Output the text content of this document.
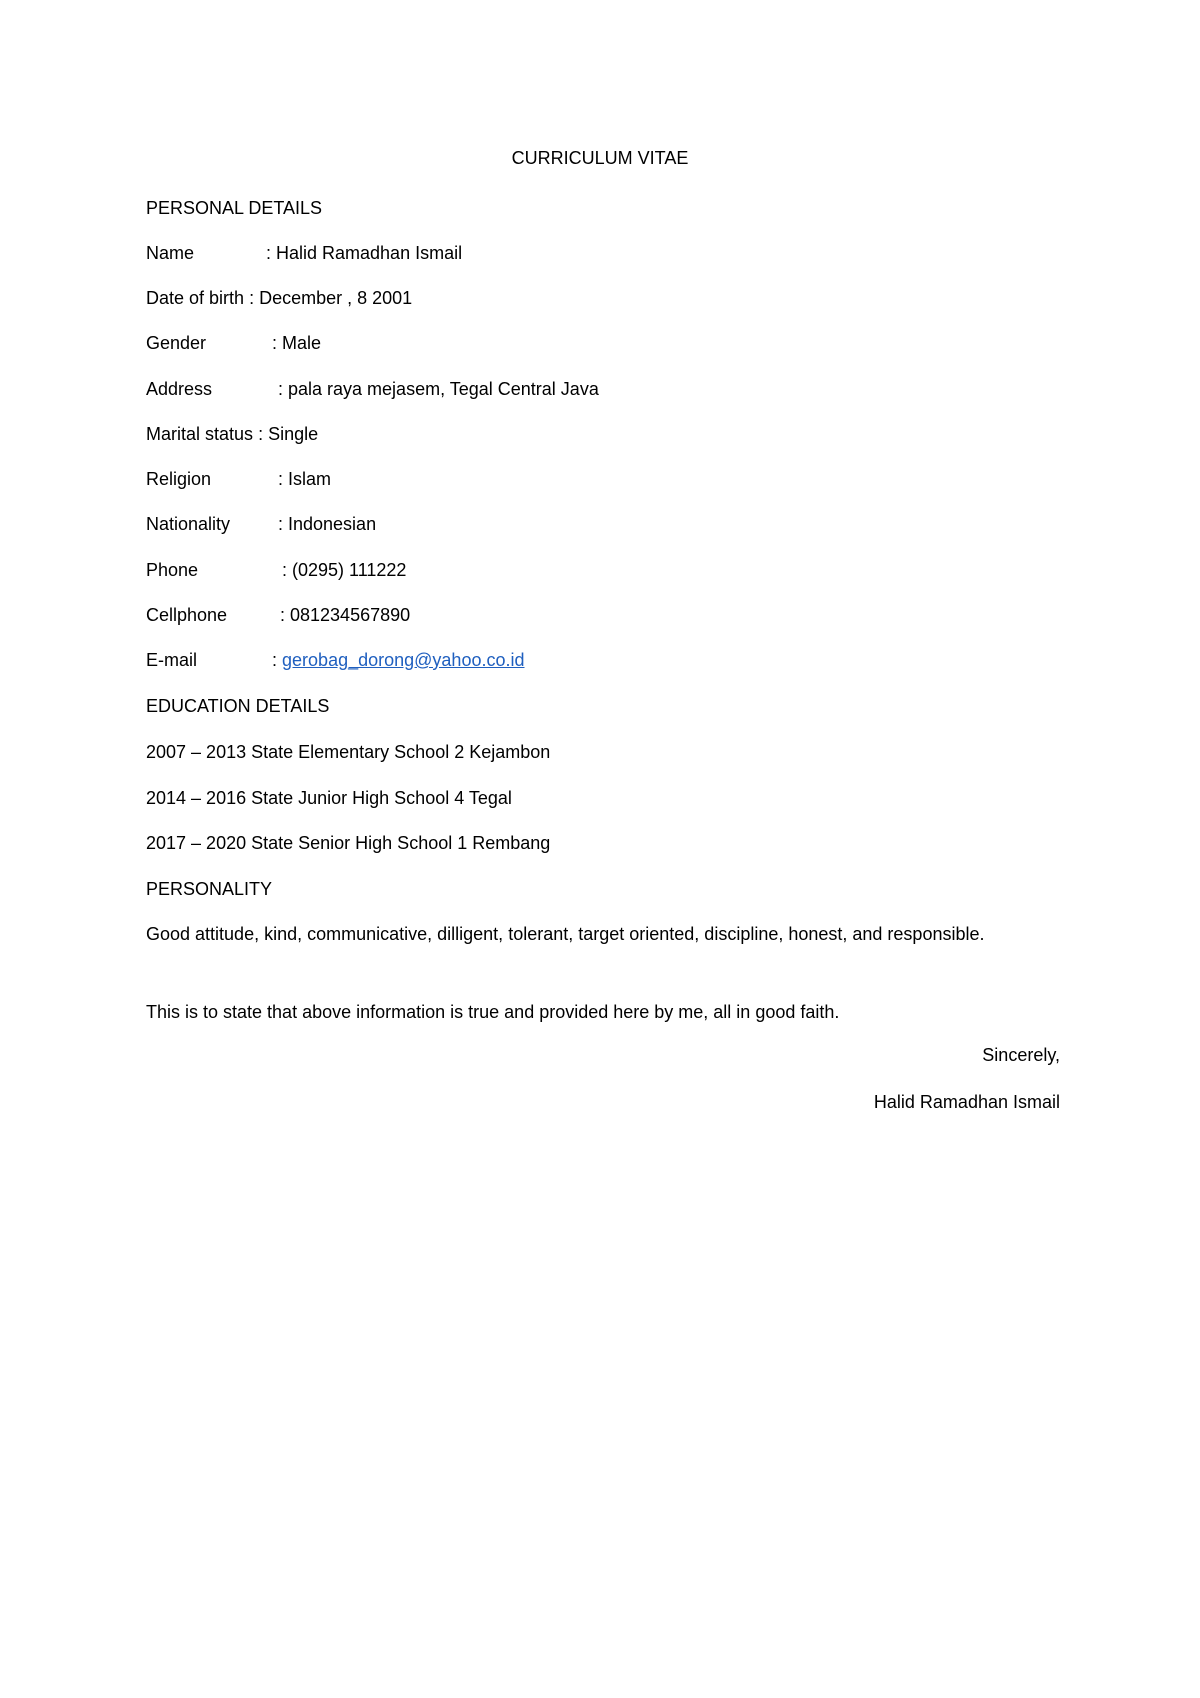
CURRICULUM VITAE
PERSONAL DETAILS
Name	: Halid Ramadhan Ismail
Date of birth : December , 8 2001
Gender	: Male
Address	: pala raya mejasem, Tegal Central Java
Marital status : Single
Religion	: Islam
Nationality	: Indonesian
Phone	: (0295) 111222
Cellphone	: 081234567890
E-mail	: gerobag_dorong@yahoo.co.id
EDUCATION DETAILS
2007 – 2013 State Elementary School 2 Kejambon
2014 – 2016 State Junior High School 4 Tegal
2017 – 2020 State Senior High School 1 Rembang
PERSONALITY
Good attitude, kind, communicative, dilligent, tolerant, target oriented, discipline, honest, and responsible.
This is to state that above information is true and provided here by me, all in good faith.
Sincerely,
Halid Ramadhan Ismail
